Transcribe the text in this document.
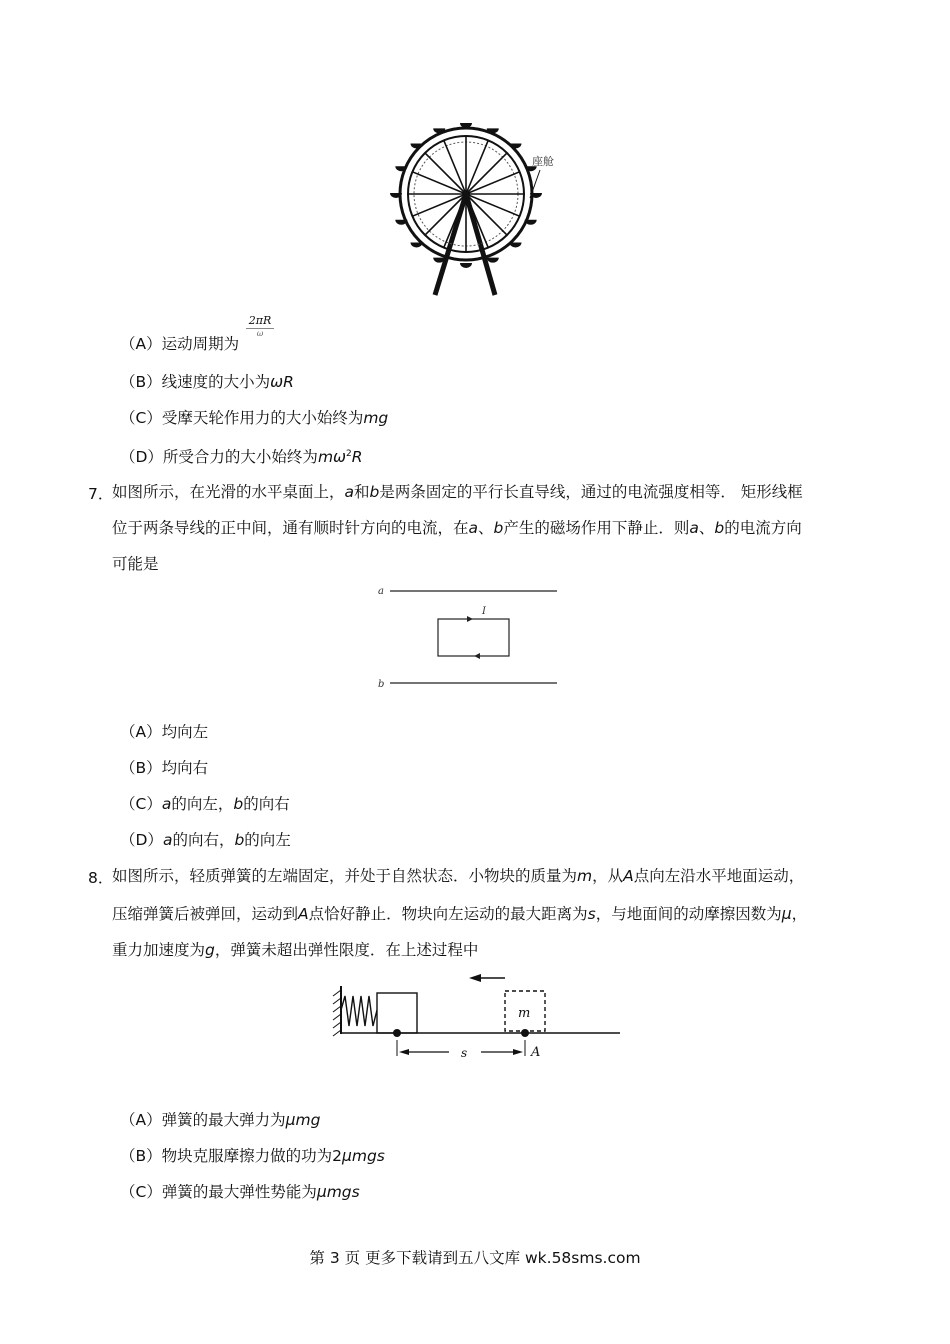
座舱
（A）运动周期为
2πR
ω
（B）线速度的大小为ωR
（C）受摩天轮作用力的大小始终为mg
（D）所受合力的大小始终为$m\omega^2R$
7．
如图所示，在光滑的水平桌面上，a和b是两条固定的平行长直导线，通过的电流强度相等． 矩形线框
位于两条导线的正中间，通有顺时针方向的电流，在a、b产生的磁场作用下静止．则a、b的电流方向
可能是
a
I
b
（A）均向左
（B）均向右
（C）a的向左，b的向右
（D）a的向右，b的向左
8．
如图所示，轻质弹簧的左端固定，并处于自然状态．小物块的质量为m，从A点向左沿水平地面运动，
压缩弹簧后被弹回，运动到A点恰好静止．物块向左运动的最大距离为s，与地面间的动摩擦因数为μ，
重力加速度为g，弹簧未超出弹性限度．在上述过程中
m
s	A
（A）弹簧的最大弹力为μmg
（B）物块克服摩擦力做的功为2μmgs
（C）弹簧的最大弹性势能为μmgs
第 3 页 更多下载请到五八文库 wk.58sms.com
